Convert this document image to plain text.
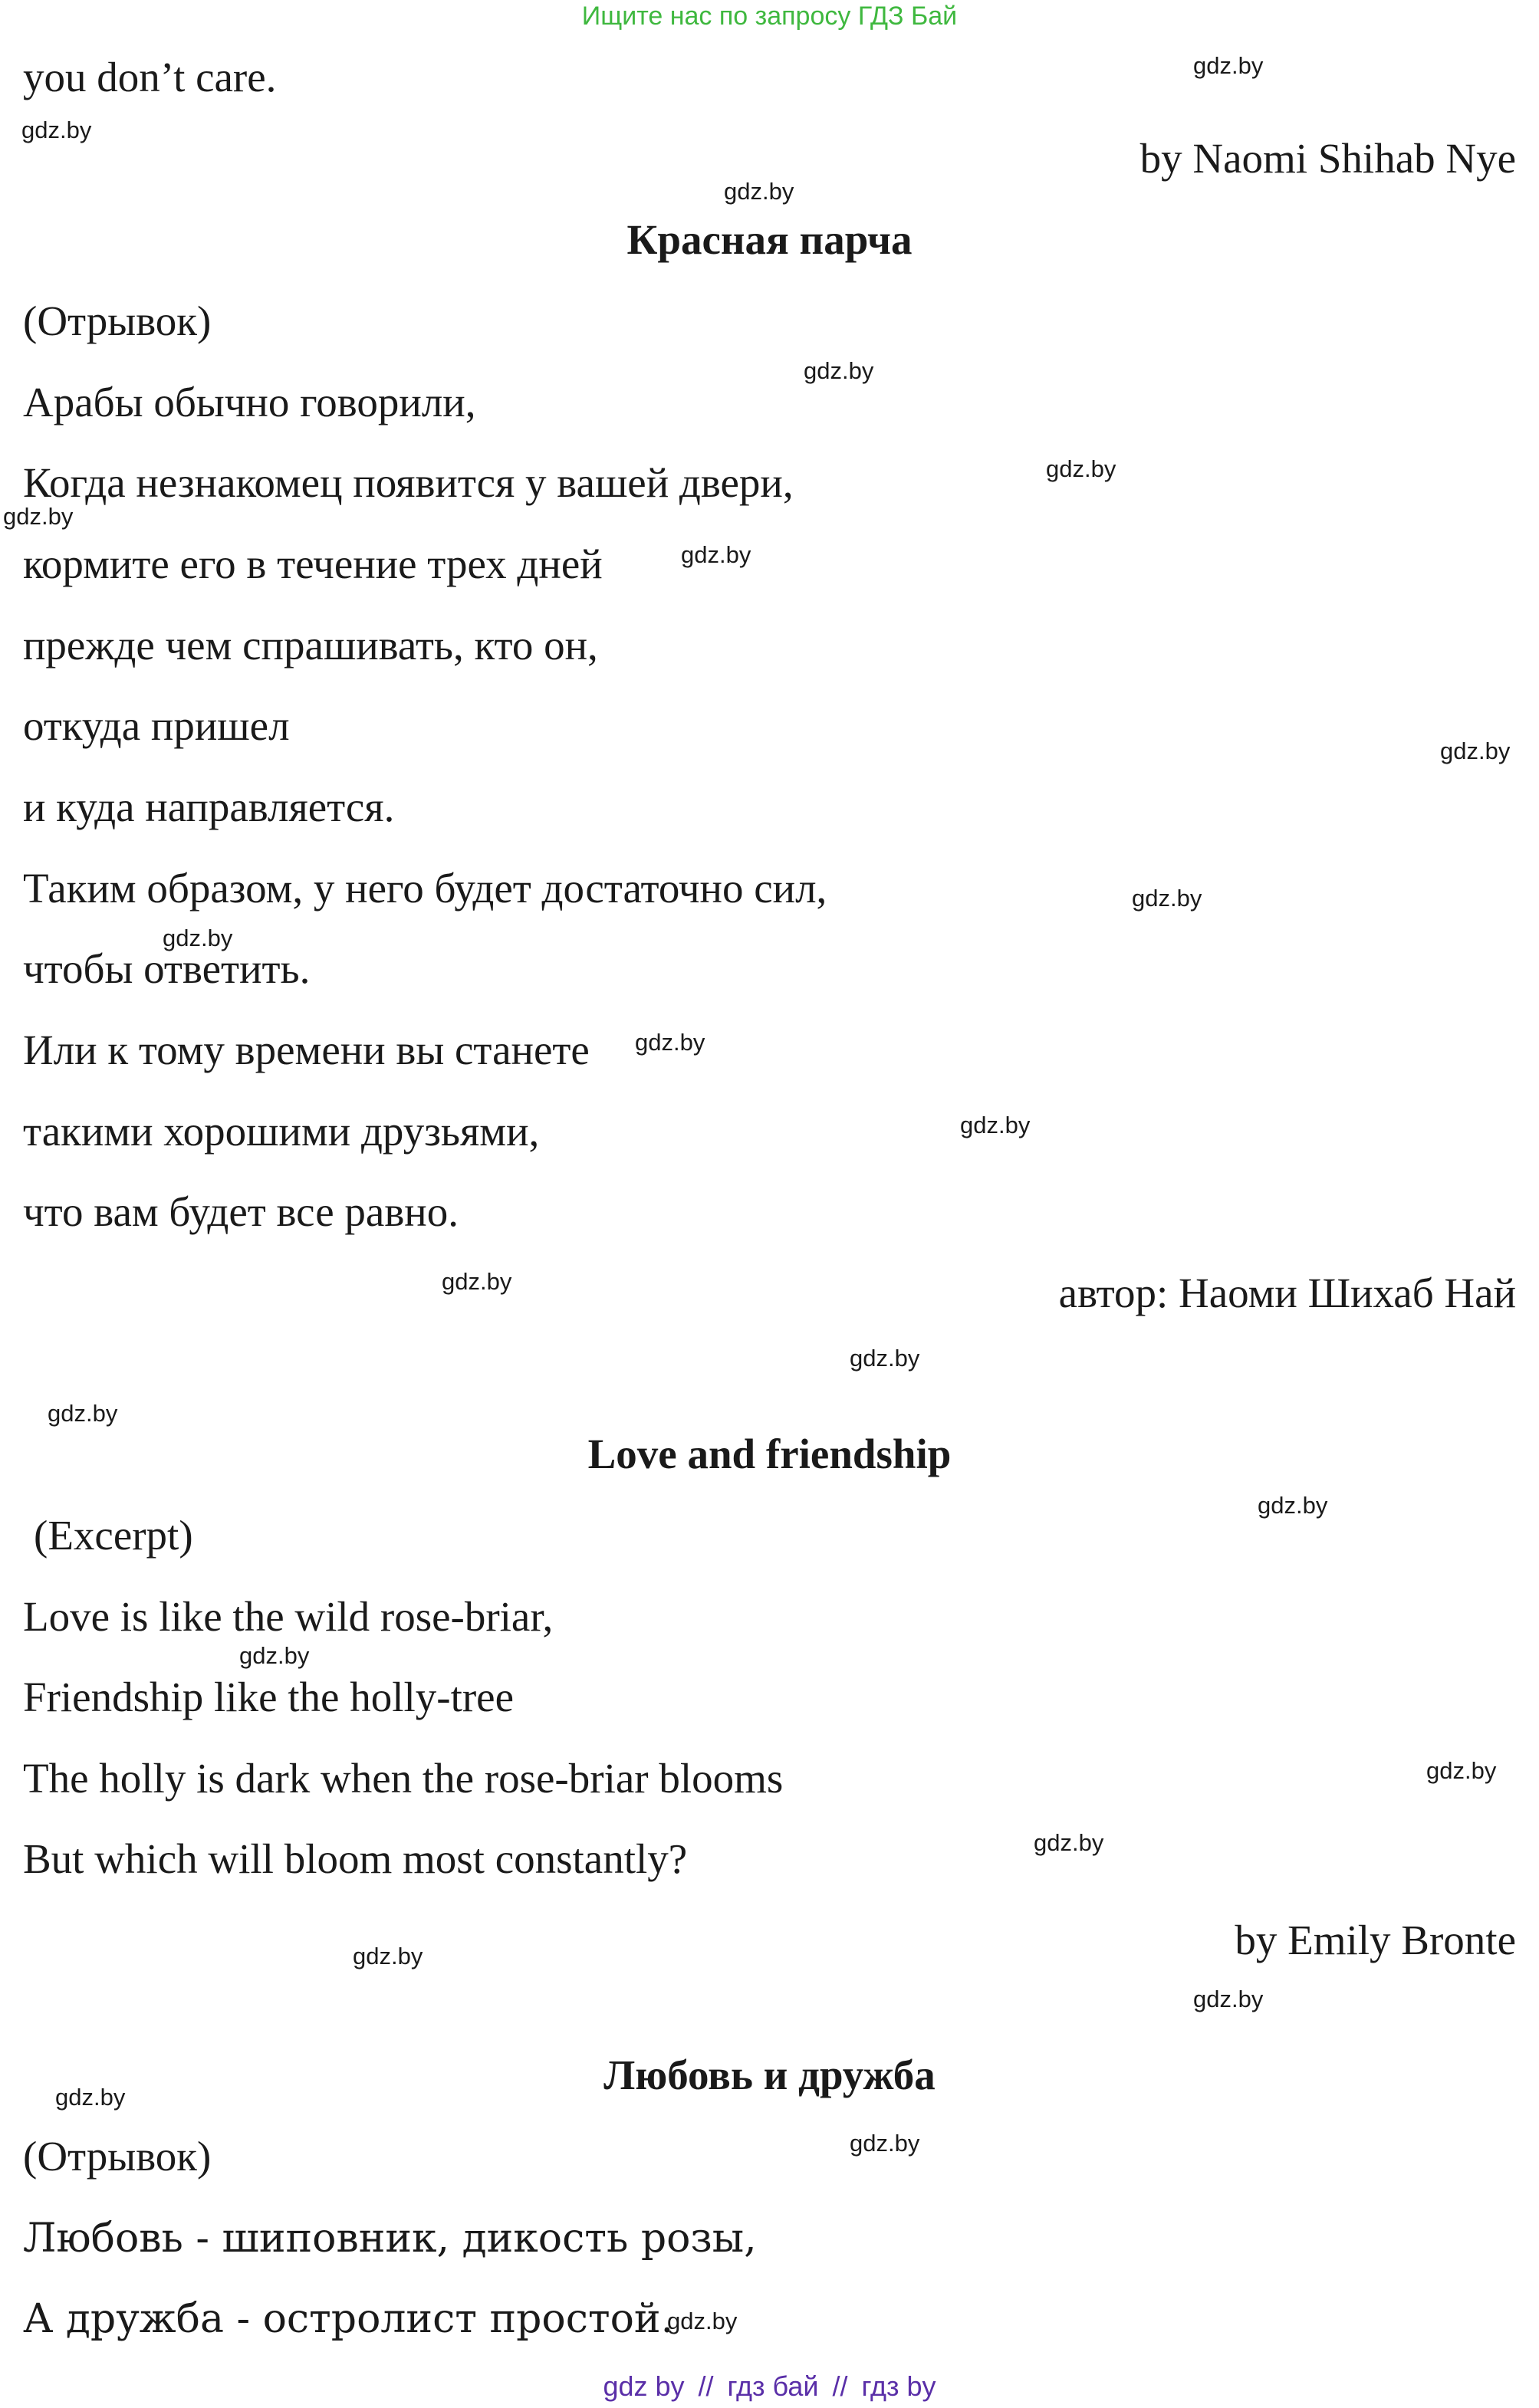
Ищите нас по запросу ГДЗ Бай
you don’t care.
by Naomi Shihab Nye
Красная парча
(Отрывок)
Арабы обычно говорили,
Когда незнакомец появится у вашей двери,
кормите его в течение трех дней
прежде чем спрашивать, кто он,
откуда пришел
и куда направляется.
Таким образом, у него будет достаточно сил,
чтобы ответить.
Или к тому времени вы станете
такими хорошими друзьями,
что вам будет все равно.
автор: Наоми Шихаб Най
Love and friendship
(Excerpt)
Love is like the wild rose-briar,
Friendship like the holly-tree
The holly is dark when the rose-briar blooms
But which will bloom most constantly?
by Emily Bronte
Любовь и дружба
(Отрывок)
Любовь - шиповник, дикость розы,
А дружба - остролист простой.
gdz.by
gdz.by
gdz.by
gdz.by
gdz.by
gdz.by
gdz.by
gdz.by
gdz.by
gdz.by
gdz.by
gdz.by
gdz.by
gdz.by
gdz.by
gdz.by
gdz.by
gdz.by
gdz.by
gdz.by
gdz.by
gdz.by
gdz.by
gdz.by
gdz by // гдз бай // гдз by
